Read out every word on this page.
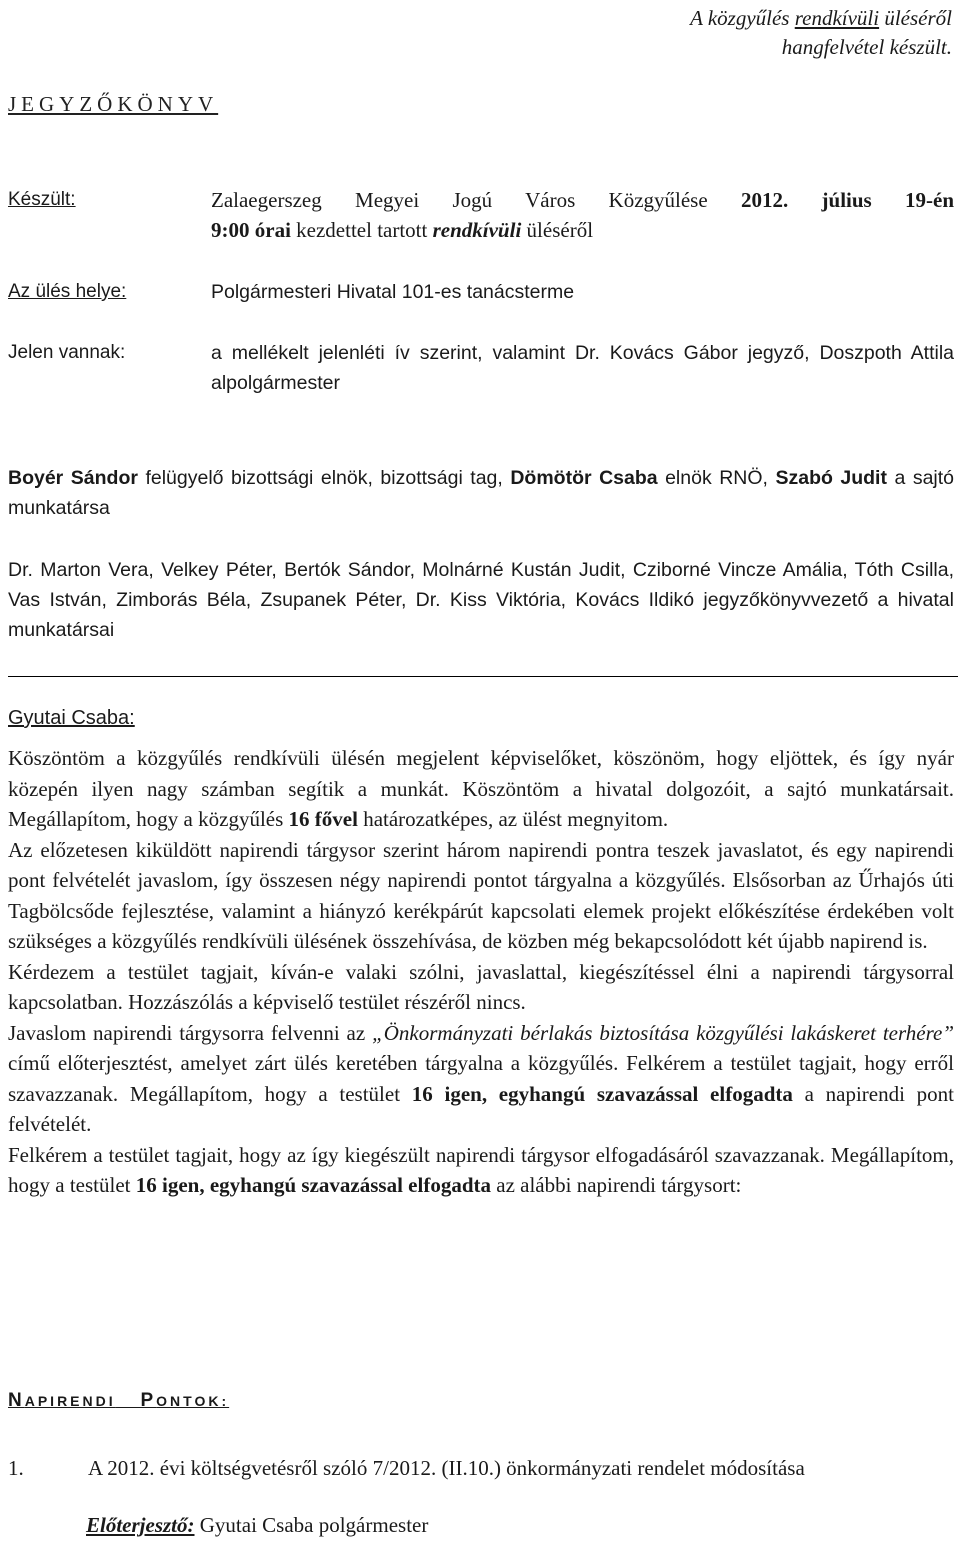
A közgyűlés rendkívüli üléséről
hangfelvétel készült.
JEGYZŐKÖNYV
Készült:	Zalaegerszeg Megyei Jogú Város Közgyűlése 2012. július 19-én
9:00 órai kezdettel tartott rendkívüli üléséről
Az ülés helye:	Polgármesteri Hivatal 101-es tanácsterme
Jelen vannak:	a mellékelt jelenléti ív szerint, valamint Dr. Kovács Gábor jegyző, Doszpoth Attila alpolgármester
Boyér Sándor felügyelő bizottsági elnök, bizottsági tag, Dömötör Csaba elnök RNÖ, Szabó Judit a sajtó munkatársa
Dr. Marton Vera, Velkey Péter, Bertók Sándor, Molnárné Kustán Judit, Cziborné Vincze Amália, Tóth Csilla, Vas István, Zimborás Béla, Zsupanek Péter, Dr. Kiss Viktória, Kovács Ildikó jegyzőkönyvvezető a hivatal munkatársai
Gyutai Csaba:

Köszöntöm a közgyűlés rendkívüli ülésén megjelent képviselőket, köszönöm, hogy eljöttek, és így nyár közepén ilyen nagy számban segítik a munkát. Köszöntöm a hivatal dolgozóit, a sajtó munkatársait. Megállapítom, hogy a közgyűlés 16 fővel határozatképes, az ülést megnyitom.

Az előzetesen kiküldött napirendi tárgysor szerint három napirendi pontra teszek javaslatot, és egy napirendi pont felvételét javaslom, így összesen négy napirendi pontot tárgyalna a közgyűlés. Elsősorban az Űrhajós úti Tagbölcsőde fejlesztése, valamint a hiányzó kerékpárút kapcsolati elemek projekt előkészítése érdekében volt szükséges a közgyűlés rendkívüli ülésének összehívása, de közben még bekapcsolódott két újabb napirend is.

Kérdezem a testület tagjait, kíván-e valaki szólni, javaslattal, kiegészítéssel élni a napirendi tárgysorral kapcsolatban. Hozzászólás a képviselő testület részéről nincs.

Javaslom napirendi tárgysorra felvenni az „Önkormányzati bérlakás biztosítása közgyűlési lakáskeret terhére” című előterjesztést, amelyet zárt ülés keretében tárgyalna a közgyűlés. Felkérem a testület tagjait, hogy erről szavazzanak. Megállapítom, hogy a testület 16 igen, egyhangú szavazással elfogadta a napirendi pont felvételét.

Felkérem a testület tagjait, hogy az így kiegészült napirendi tárgysor elfogadásáról szavazzanak. Megállapítom, hogy a testület 16 igen, egyhangú szavazással elfogadta az alábbi napirendi tárgysort:

NAPIRENDI PONTOK:
1.	A 2012. évi költségvetésről szóló 7/2012. (II.10.) önkormányzati rendelet módosítása
Előterjesztő: Gyutai Csaba polgármester
